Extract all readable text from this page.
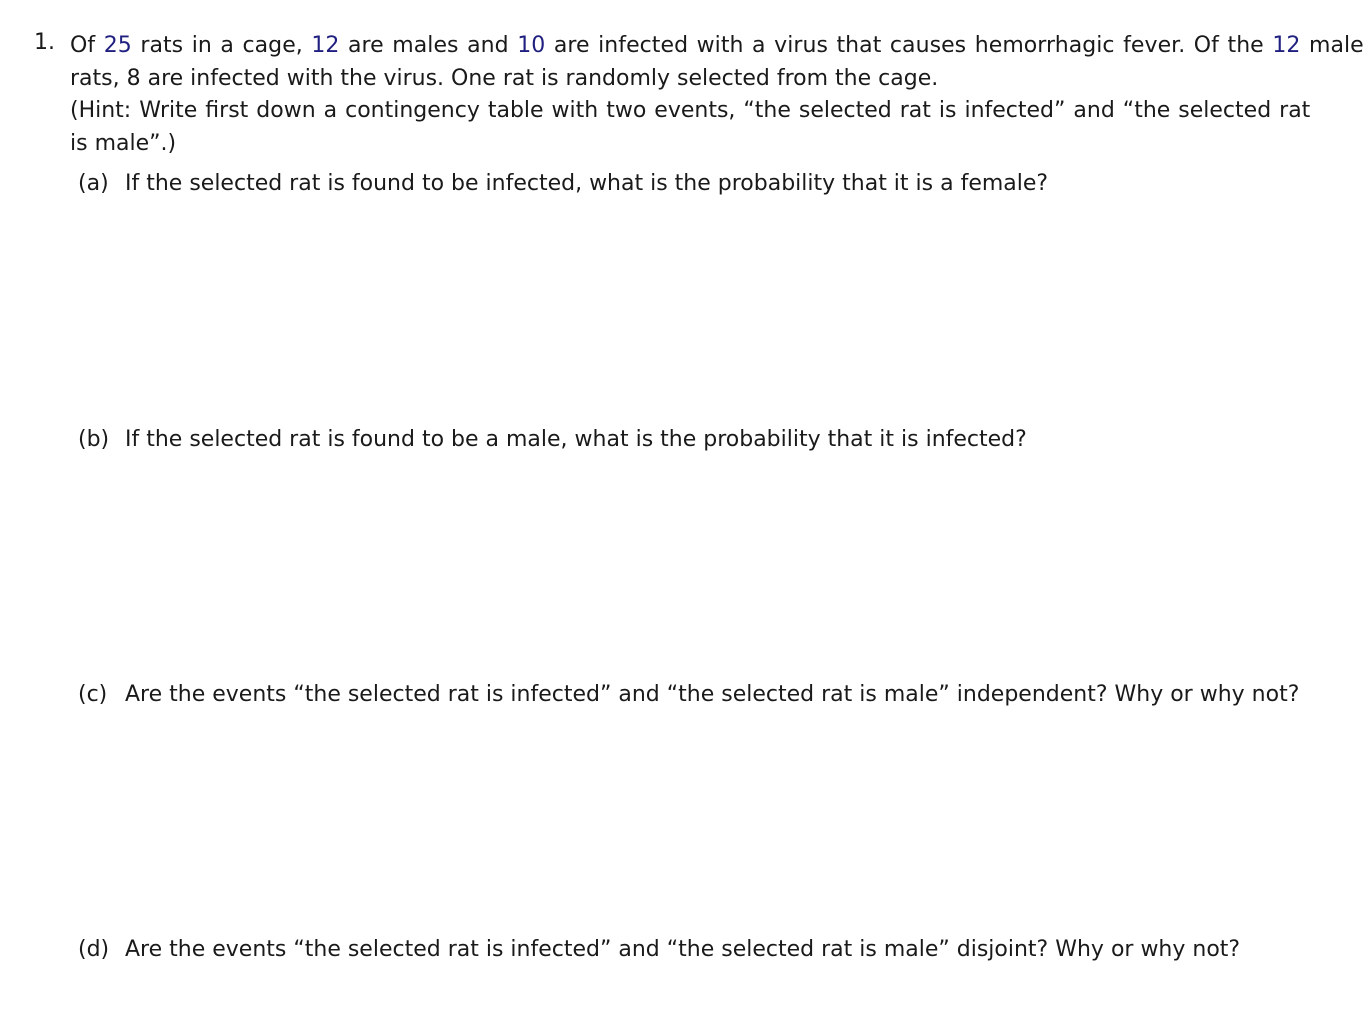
1. Of 25 rats in a cage, 12 are males and 10 are infected with a virus that causes hemorrhagic fever. Of the 12 male
rats, 8 are infected with the virus. One rat is randomly selected from the cage.
(Hint: Write first down a contingency table with two events, “the selected rat is infected” and “the selected rat
is male”.)
(a) If the selected rat is found to be infected, what is the probability that it is a female?
(b) If the selected rat is found to be a male, what is the probability that it is infected?
(c) Are the events “the selected rat is infected” and “the selected rat is male” independent? Why or why not?
(d) Are the events “the selected rat is infected” and “the selected rat is male” disjoint? Why or why not?
